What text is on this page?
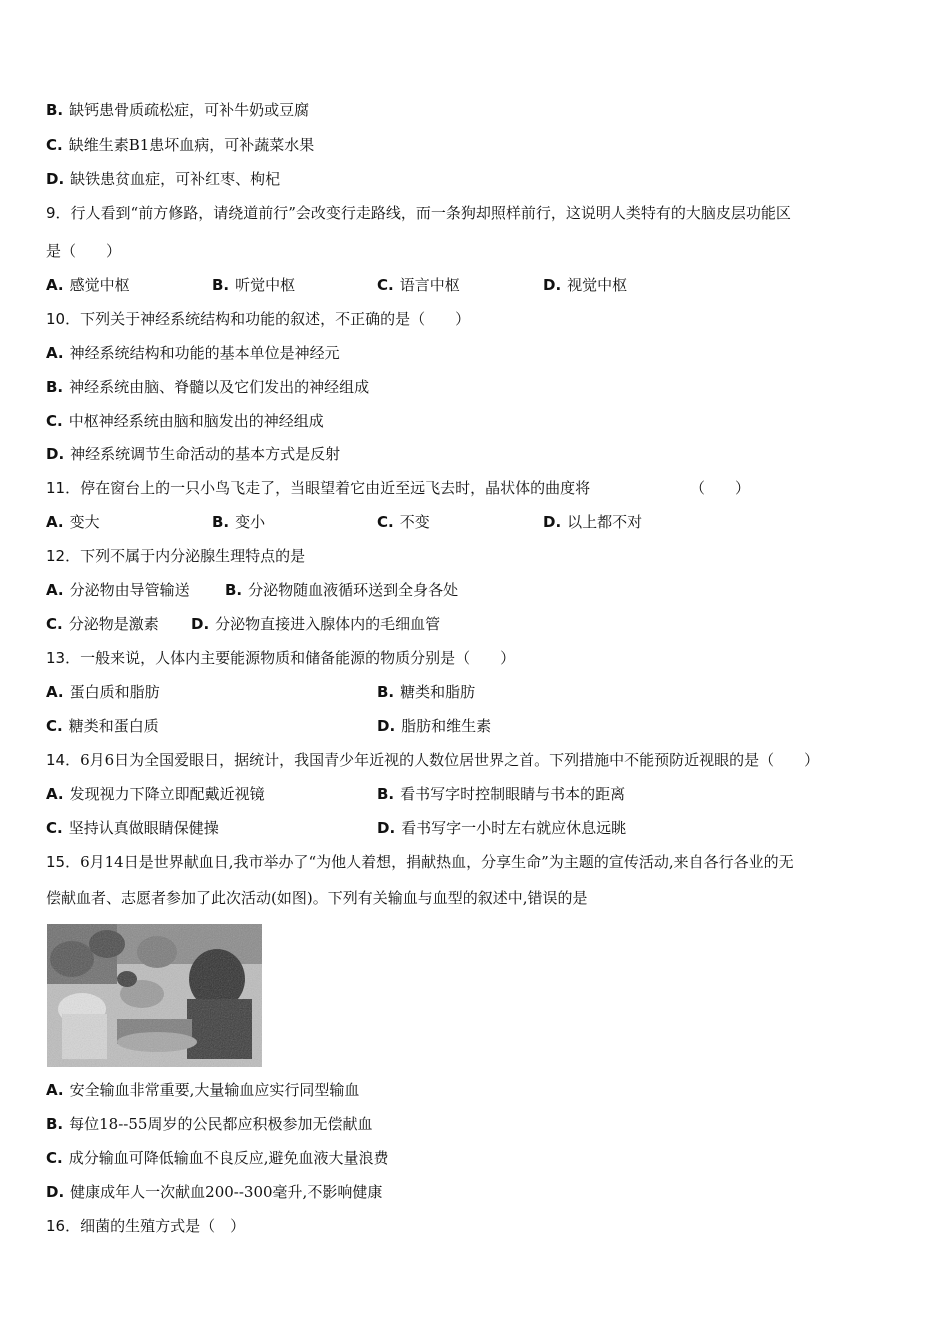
B. 缺钙患骨质疏松症，可补牛奶或豆腐
C. 缺维生素B1患坏血病，可补蔬菜水果
D. 缺铁患贫血症，可补红枣、枸杞
9．行人看到“前方修路，请绕道前行”会改变行走路线，而一条狗却照样前行，这说明人类特有的大脑皮层功能区
是（　　）
A. 感觉中枢	B. 听觉中枢	C. 语言中枢	D. 视觉中枢
10．下列关于神经系统结构和功能的叙述，不正确的是（　　）
A. 神经系统结构和功能的基本单位是神经元
B. 神经系统由脑、脊髓以及它们发出的神经组成
C. 中枢神经系统由脑和脑发出的神经组成
D. 神经系统调节生命活动的基本方式是反射
11．停在窗台上的一只小鸟飞走了，当眼望着它由近至远飞去时，晶状体的曲度将	（　　）
A. 变大	B. 变小	C. 不变	D. 以上都不对
12．下列不属于内分泌腺生理特点的是
A. 分泌物由导管输送 B. 分泌物随血液循环送到全身各处
C. 分泌物是激素 D. 分泌物直接进入腺体内的毛细血管
13．一般来说，人体内主要能源物质和储备能源的物质分别是（　　）
A. 蛋白质和脂肪	B. 糖类和脂肪
C. 糖类和蛋白质	D. 脂肪和维生素
14．6月6日为全国爱眼日，据统计，我国青少年近视的人数位居世界之首。下列措施中不能预防近视眼的是（　　）
A. 发现视力下降立即配戴近视镜	B. 看书写字时控制眼睛与书本的距离
C. 坚持认真做眼睛保健操	D. 看书写字一小时左右就应休息远眺
15．6月14日是世界献血日,我市举办了“为他人着想，捐献热血，分享生命”为主题的宣传活动,来自各行各业的无
偿献血者、志愿者参加了此次活动(如图)。下列有关输血与血型的叙述中,错误的是
A. 安全输血非常重要,大量输血应实行同型输血
B. 每位18--55周岁的公民都应积极参加无偿献血
C. 成分输血可降低输血不良反应,避免血液大量浪费
D. 健康成年人一次献血200--300毫升,不影响健康
16．细菌的生殖方式是（　）
